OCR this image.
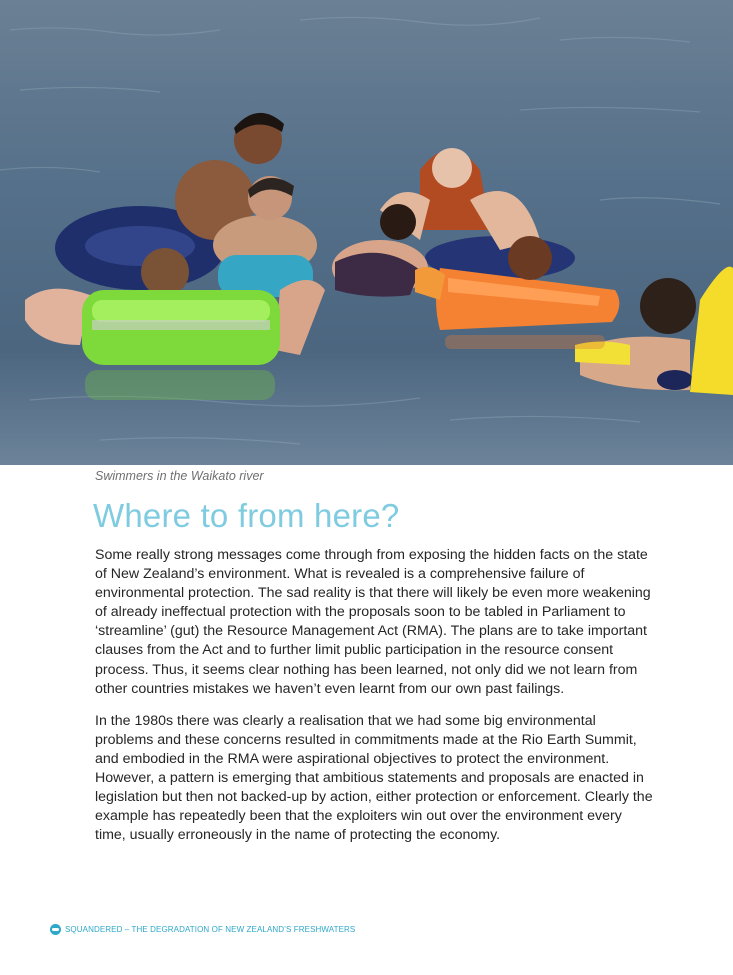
Swimmers in the Waikato river

Where to from here?

Some really strong messages come through from exposing the hidden facts on the state of New Zealand’s environment. What is revealed is a comprehensive failure of environmental protection. The sad reality is that there will likely be even more weakening of already ineffectual protection with the proposals soon to be tabled in Parliament to ‘streamline’ (gut) the Resource Management Act (RMA). The plans are to take important clauses from the Act and to further limit public participation in the resource consent process. Thus, it seems clear nothing has been learned, not only did we not learn from other countries mistakes we haven’t even learnt from our own past failings.

In the 1980s there was clearly a realisation that we had some big environmental problems and these concerns resulted in commitments made at the Rio Earth Summit, and embodied in the RMA were aspirational objectives to protect the environment. However, a pattern is emerging that ambitious statements and proposals are enacted in legislation but then not backed-up by action, either protection or enforcement. Clearly the example has repeatedly been that the exploiters win out over the environment every time, usually erroneously in the name of protecting the economy.

SQUANDERED – THE DEGRADATION OF NEW ZEALAND’S FRESHWATERS
